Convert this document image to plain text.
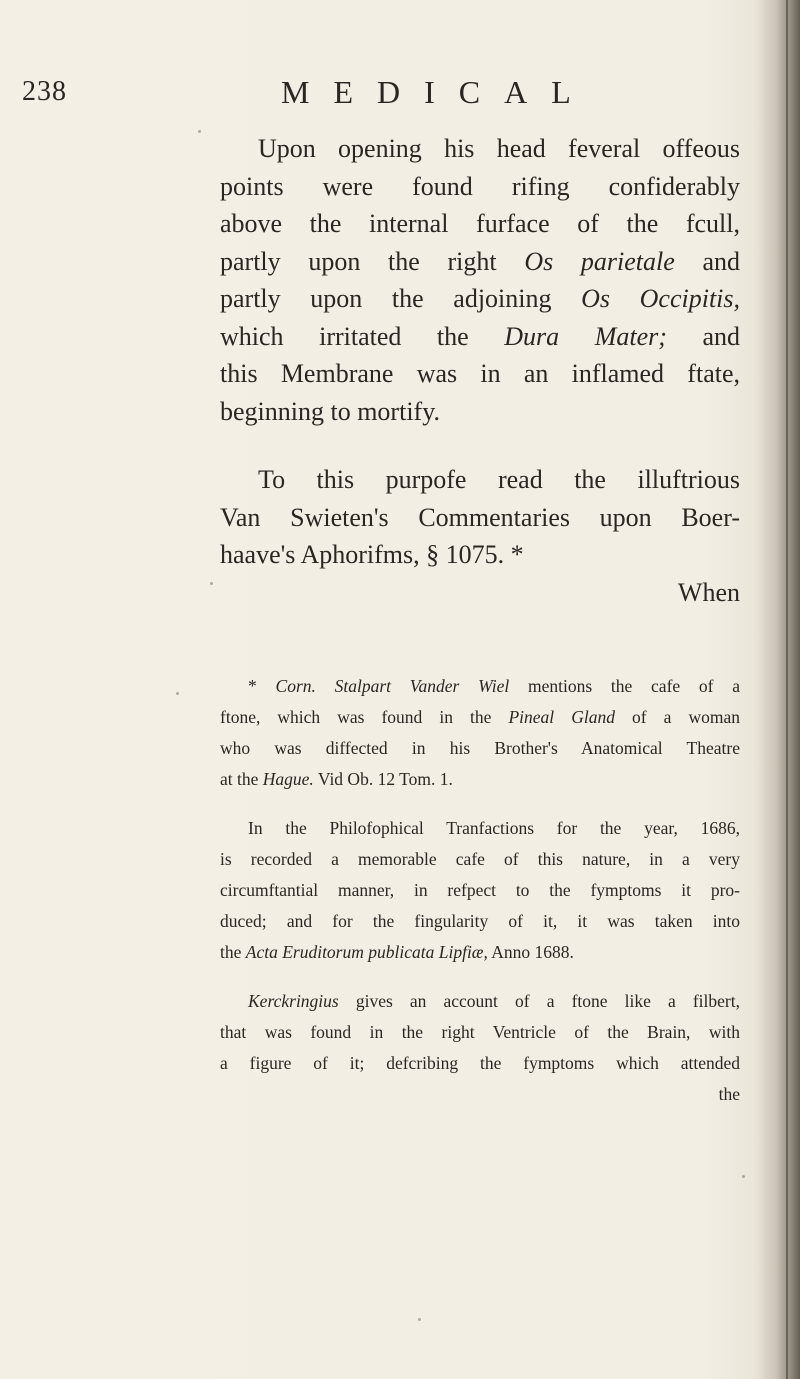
238	MEDICAL

Upon opening his head feveral offeous
points were found rifing confiderably
above the internal furface of the fcull,
partly upon the right Os parietale and
partly upon the adjoining Os Occipitis,
which irritated the Dura Mater; and
this Membrane was in an inflamed ftate,
beginning to mortify.

To this purpofe read the illuftrious
Van Swieten's Commentaries upon Boer-
haave's Aphorifms, § 1075. *
When

* Corn. Stalpart Vander Wiel mentions the cafe of a
ftone, which was found in the Pineal Gland of a woman
who was diffected in his Brother's Anatomical Theatre
at the Hague. Vid Ob. 12 Tom. 1.
In the Philofophical Tranfactions for the year, 1686,
is recorded a memorable cafe of this nature, in a very
circumftantial manner, in refpect to the fymptoms it pro-
duced; and for the fingularity of it, it was taken into
the Acta Eruditorum publicata Lipfiæ, Anno 1688.
Kerckringius gives an account of a ftone like a filbert,
that was found in the right Ventricle of the Brain, with
a figure of it; defcribing the fymptoms which attended
the
